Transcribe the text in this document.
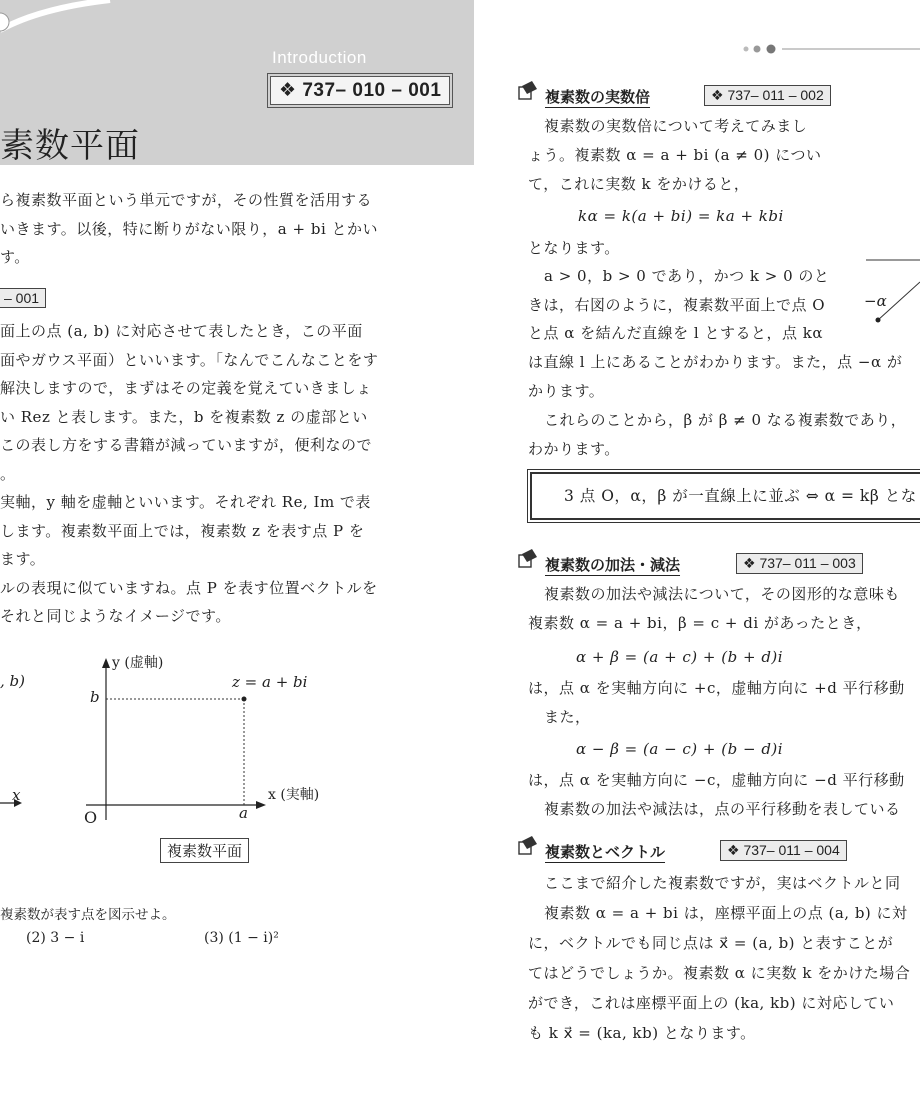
Introduction
❖ 737– 010 – 001
素数平面
ら複素数平面という単元ですが，その性質を活用する
いきます。以後，特に断りがない限り，a + bi とかい
す。
– 001
面上の点 (a, b) に対応させて表したとき，この平面
面やガウス平面）といいます。「なんでこんなことをす
解決しますので，まずはその定義を覚えていきましょ
い Rez と表します。また，b を複素数 z の虚部とい
この表し方をする書籍が減っていますが，便利なので
。
実軸，y 軸を虚軸といいます。それぞれ Re, Im で表
します。複素数平面上では，複素数 z を表す点 P を
ます。
ルの表現に似ていますね。点 P を表す位置ベクトルを
それと同じようなイメージです。
, b)
x
y (虚軸)
z = a + bi
b
x (実軸)
O	a
複素数平面
複素数が表す点を図示せよ。
(2) 3 − i	(3) (1 − i)²
複素数の実数倍	❖ 737– 011 – 002
複素数の実数倍について考えてみまし
ょう。複素数 α = a + bi (a ≠ 0) につい
て，これに実数 k をかけると，
kα = k(a + bi) = ka + kbi
となります。
a > 0，b > 0 であり，かつ k > 0 のと
きは，右図のように，複素数平面上で点 O
と点 α を結んだ直線を l とすると，点 kα
は直線 l 上にあることがわかります。また，点 −α が
かります。
これらのことから，β が β ≠ 0 なる複素数であり，
わかります。
−α
3 点 O，α，β が一直線上に並ぶ ⇔ α = kβ とな
複素数の加法・減法	❖ 737– 011 – 003
複素数の加法や減法について，その図形的な意味も
複素数 α = a + bi，β = c + di があったとき，
α + β = (a + c) + (b + d)i
は，点 α を実軸方向に +c，虚軸方向に +d 平行移動
また，
α − β = (a − c) + (b − d)i
は，点 α を実軸方向に −c，虚軸方向に −d 平行移動
複素数の加法や減法は，点の平行移動を表している
複素数とベクトル	❖ 737– 011 – 004
ここまで紹介した複素数ですが，実はベクトルと同
複素数 α = a + bi は，座標平面上の点 (a, b) に対
に，ベクトルでも同じ点は x⃗ = (a, b) と表すことが
てはどうでしょうか。複素数 α に実数 k をかけた場合
ができ，これは座標平面上の (ka, kb) に対応してい
も k x⃗ = (ka, kb) となります。
